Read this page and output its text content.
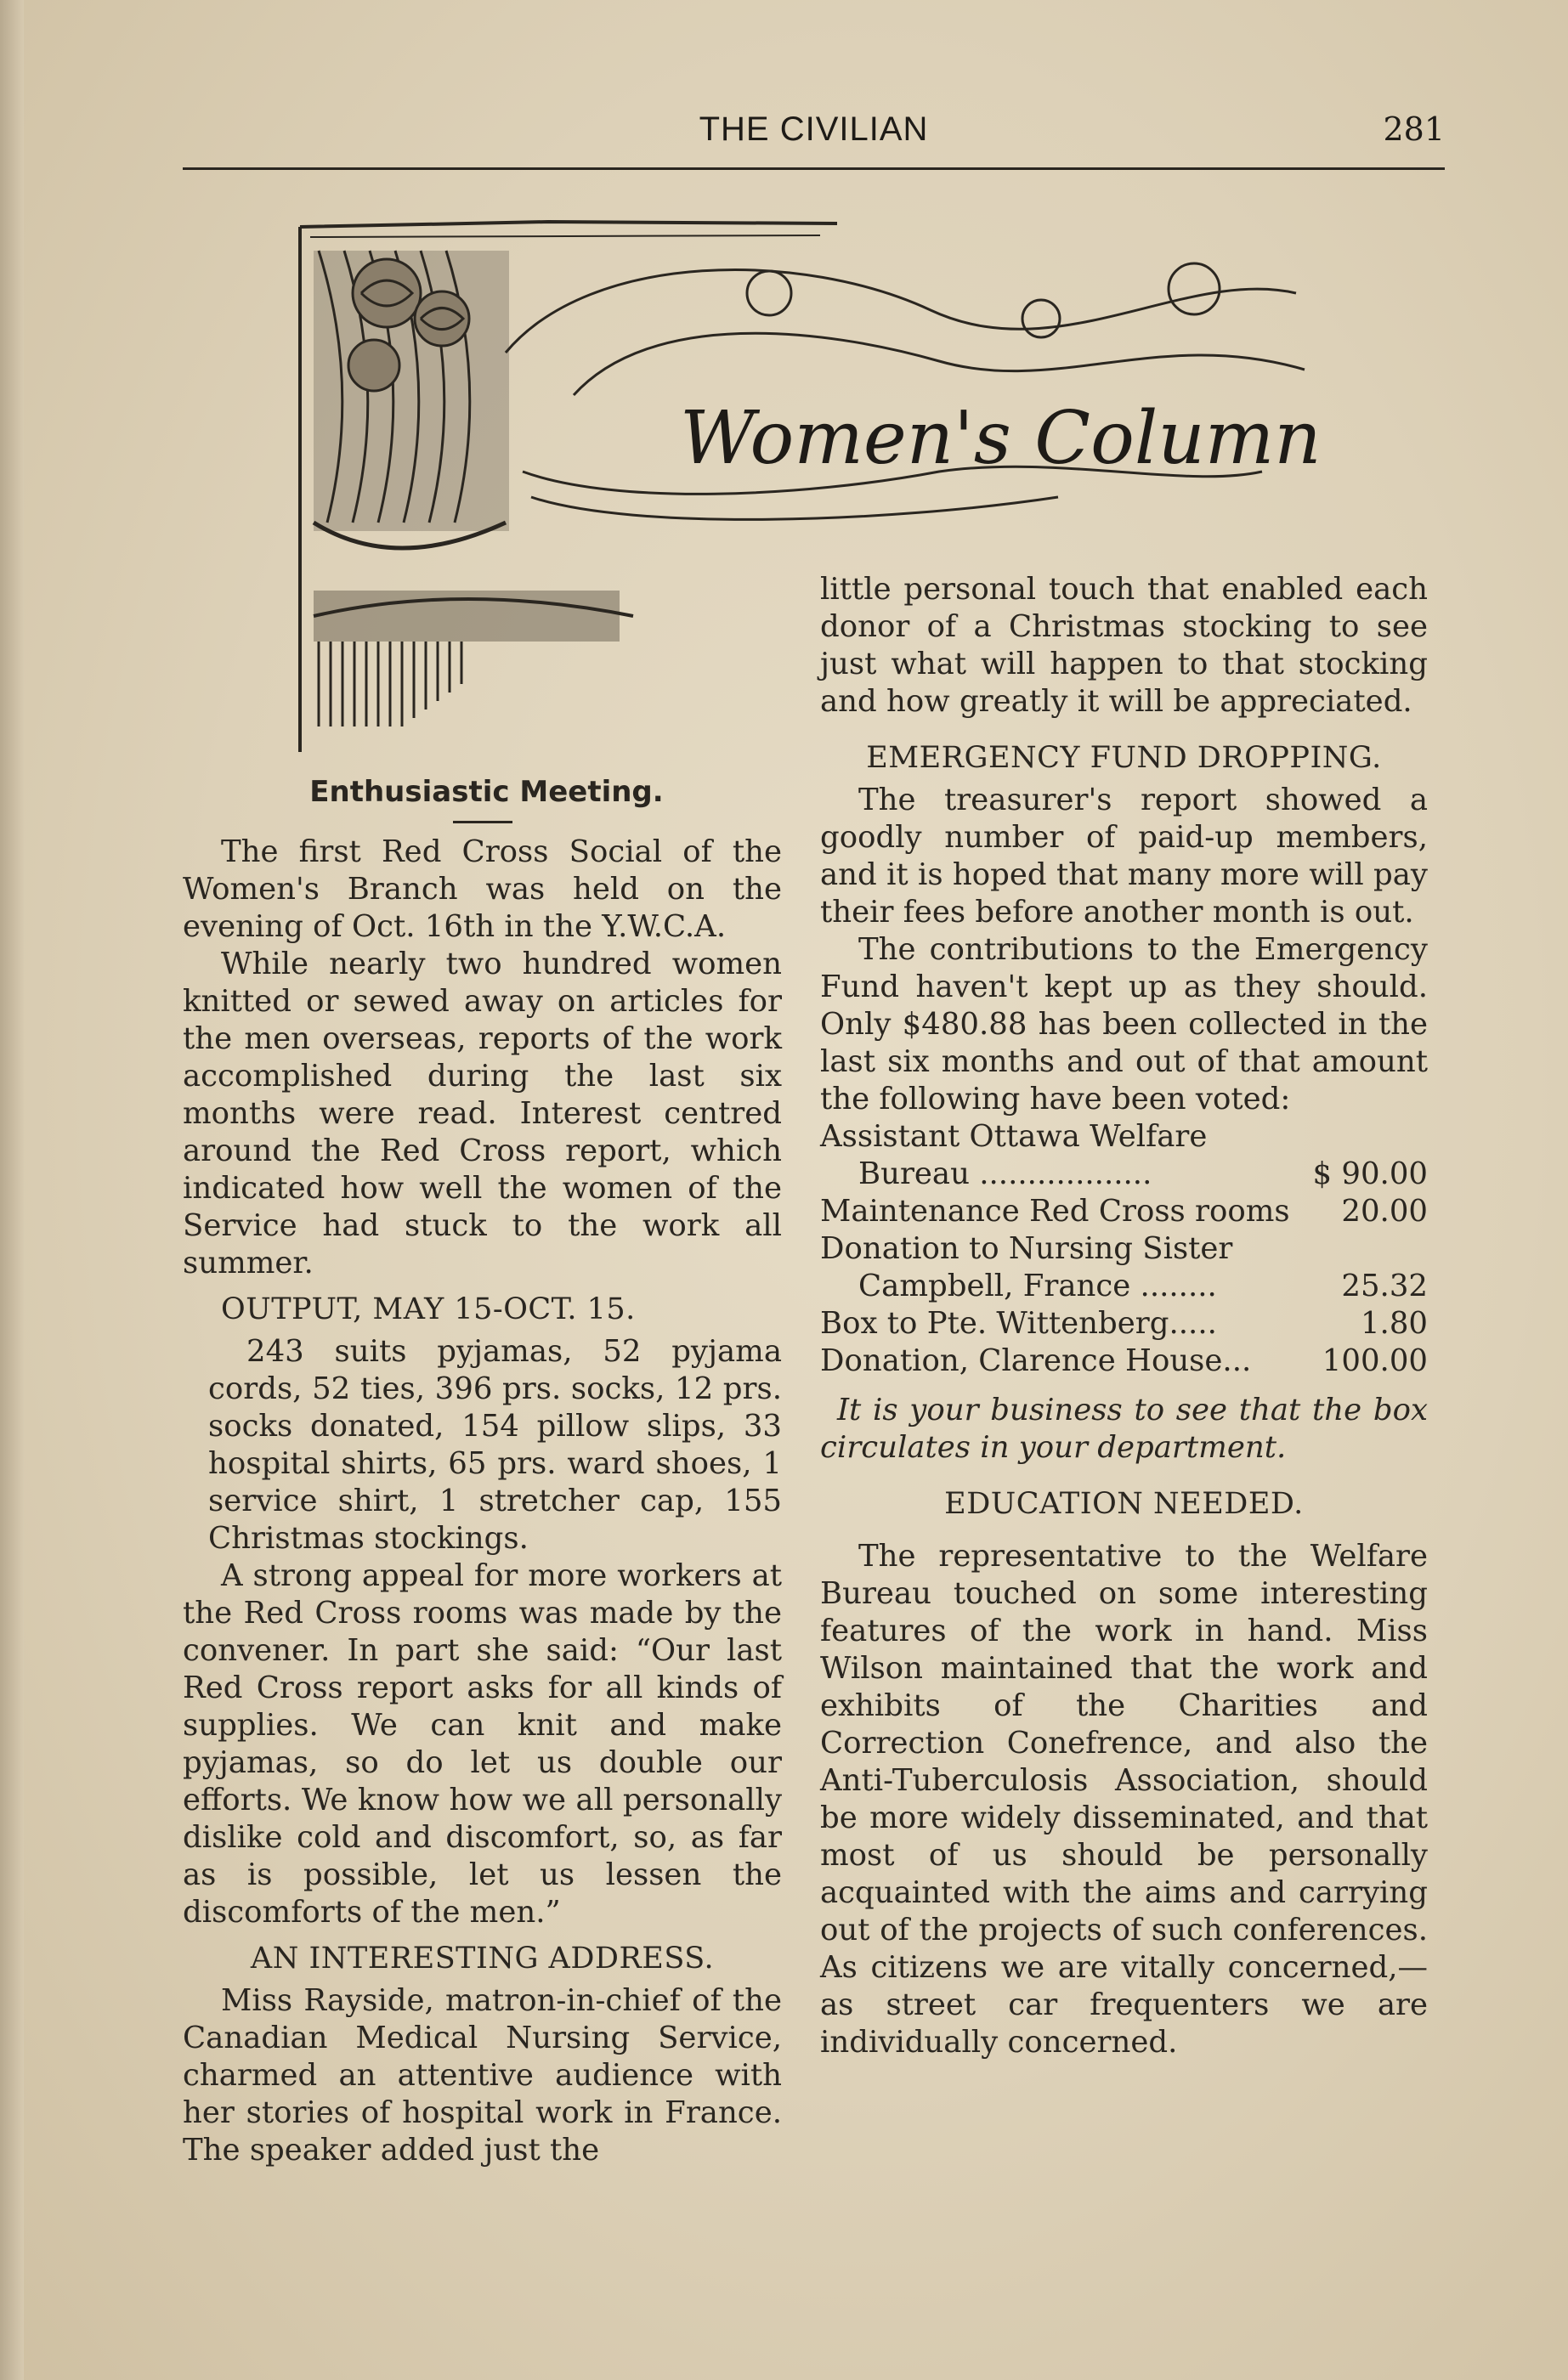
THE CIVILIAN	281
Women's Column
Enthusiastic Meeting.

The first Red Cross Social of the Women's Branch was held on the evening of Oct. 16th in the Y.W.C.A.

While nearly two hundred women knitted or sewed away on articles for the men overseas, reports of the work accomplished during the last six months were read. Interest centred around the Red Cross report, which indicated how well the women of the Service had stuck to the work all summer.

OUTPUT, MAY 15-OCT. 15.

243 suits pyjamas, 52 pyjama cords, 52 ties, 396 prs. socks, 12 prs. socks donated, 154 pillow slips, 33 hospital shirts, 65 prs. ward shoes, 1 service shirt, 1 stretcher cap, 155 Christmas stockings.

A strong appeal for more workers at the Red Cross rooms was made by the convener. In part she said: “Our last Red Cross report asks for all kinds of supplies. We can knit and make pyjamas, so do let us double our efforts. We know how we all personally dislike cold and discomfort, so, as far as is possible, let us lessen the discomforts of the men.”

AN INTERESTING ADDRESS.

Miss Rayside, matron-in-chief of the Canadian Medical Nursing Service, charmed an attentive audience with her stories of hospital work in France. The speaker added just the

little personal touch that enabled each donor of a Christmas stocking to see just what will happen to that stocking and how greatly it will be appreciated.

EMERGENCY FUND DROPPING.

The treasurer's report showed a goodly number of paid-up members, and it is hoped that many more will pay their fees before another month is out.

The contributions to the Emergency Fund haven't kept up as they should. Only $480.88 has been collected in the last six months and out of that amount the following have been voted:

Assistant Ottawa Welfare
Bureau ..................	$ 90.00
Maintenance Red Cross rooms 20.00
Donation to Nursing Sister
Campbell, France ........	25.32
Box to Pte. Wittenberg.....	1.80
Donation, Clarence House... 100.00

It is your business to see that the box circulates in your department.

EDUCATION NEEDED.

The representative to the Welfare Bureau touched on some interesting features of the work in hand. Miss Wilson maintained that the work and exhibits of the Charities and Correction Conefrence, and also the Anti-Tuberculosis Association, should be more widely disseminated, and that most of us should be personally acquainted with the aims and carrying out of the projects of such conferences. As citizens we are vitally concerned,—as street car frequenters we are individually concerned.
